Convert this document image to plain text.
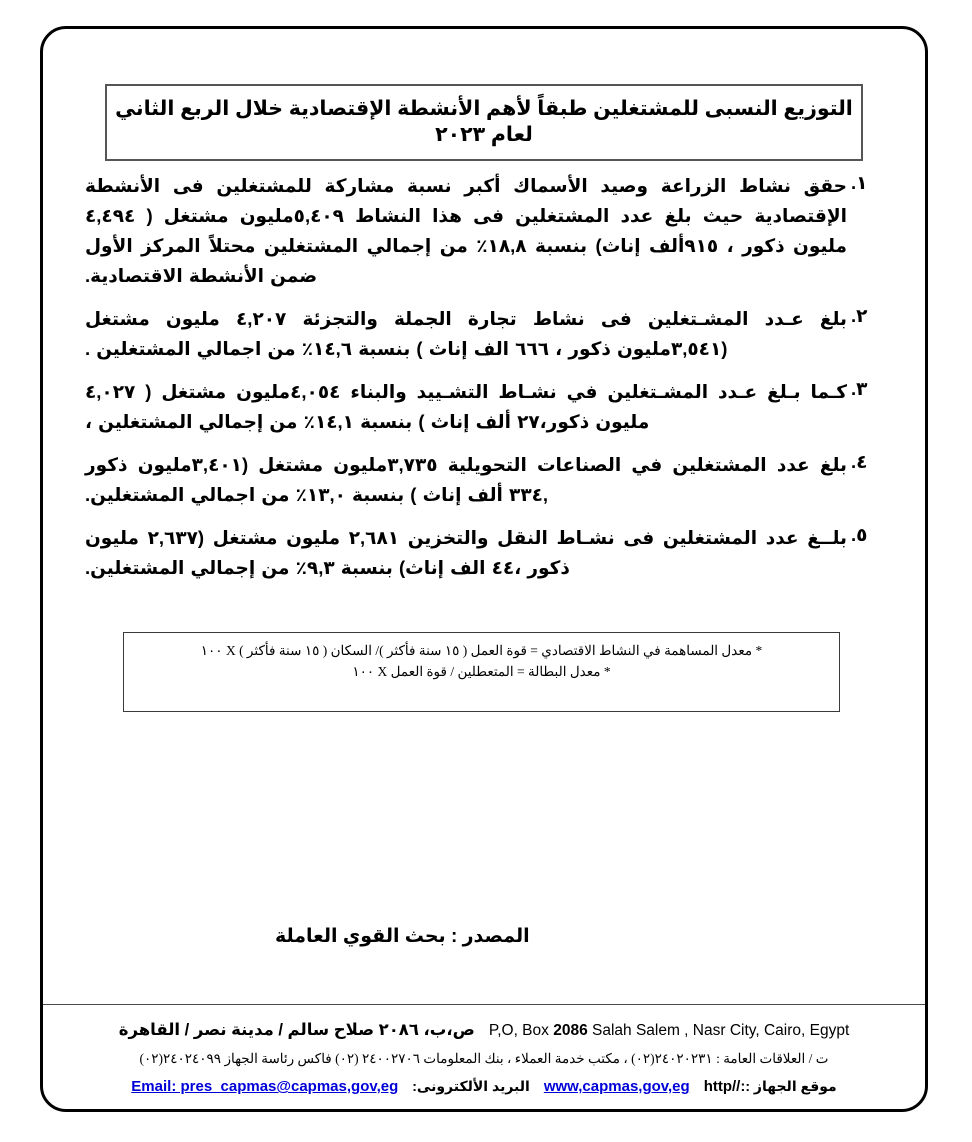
التوزيع النسبى للمشتغلين طبقاً لأهم الأنشطة الإقتصادية خلال الربع الثاني لعام ٢٠٢٣
١.
حقق نشاط الزراعة وصيد الأسماك أكبر نسبة مشاركة للمشتغلين فى الأنشطة الإقتصادية حيث بلغ عدد المشتغلين فى هذا النشاط ٥,٤٠٩مليون مشتغل ( ٤,٤٩٤ مليون ذكور ، ٩١٥ألف إناث) بنسبة ١٨,٨٪ من إجمالي المشتغلين محتلاً المركز الأول ضمن الأنشطة الاقتصادية.
٢.
بلغ عـدد المشـتغلين فى نشاط تجارة الجملة والتجزئة ٤,٢٠٧ مليون مشتغل (٣,٥٤١مليون ذكور ، ٦٦٦ الف إناث ) بنسبة ١٤,٦٪ من اجمالي المشتغلين .
٣.
كـما بـلغ عـدد المشـتغلين في نشـاط التشـييد والبناء ٤,٠٥٤مليون مشتغل ( ٤,٠٢٧ مليون ذكور،٢٧ ألف إناث ) بنسبة ١٤,١٪ من إجمالي المشتغلين ،
٤.
بلغ عدد المشتغلين في الصناعات التحويلية ٣,٧٣٥مليون مشتغل (٣,٤٠١مليون ذكور ,٣٣٤ ألف إناث ) بنسبة ١٣,٠٪ من اجمالي المشتغلين.
٥.
بلــغ عدد المشتغلين فى نشـاط النقل والتخزين ٢,٦٨١ مليون مشتغل (٢,٦٣٧ مليون ذكور ،٤٤ الف إناث) بنسبة ٩,٣٪ من إجمالي المشتغلين.
* معدل المساهمة في النشاط الاقتصادي = قوة العمل ( ١٥ سنة فأكثر )/ السكان ( ١٥ سنة فأكثر ) X ١٠٠
* معدل البطالة = المتعطلين / قوة العمل X ١٠٠
المصدر : بحث القوي العاملة
P,O, Box 2086 Salah Salem , Nasr City, Cairo, Egyptص،ب، ٢٠٨٦ صلاح سالم / مدينة نصر / القاهرة
ت / العلاقات العامة : ٢٤٠٢٠٢٣١(٠٢) ، مكتب خدمة العملاء ، بنك المعلومات ٢٤٠٠٢٧٠٦ (٠٢) فاكس رئاسة الجهاز ٢٤٠٢٤٠٩٩(٠٢)
موقع الجهاز :http//:www,capmas,gov,egالبريد الألكترونى:Email: pres_capmas@capmas,gov,eg
